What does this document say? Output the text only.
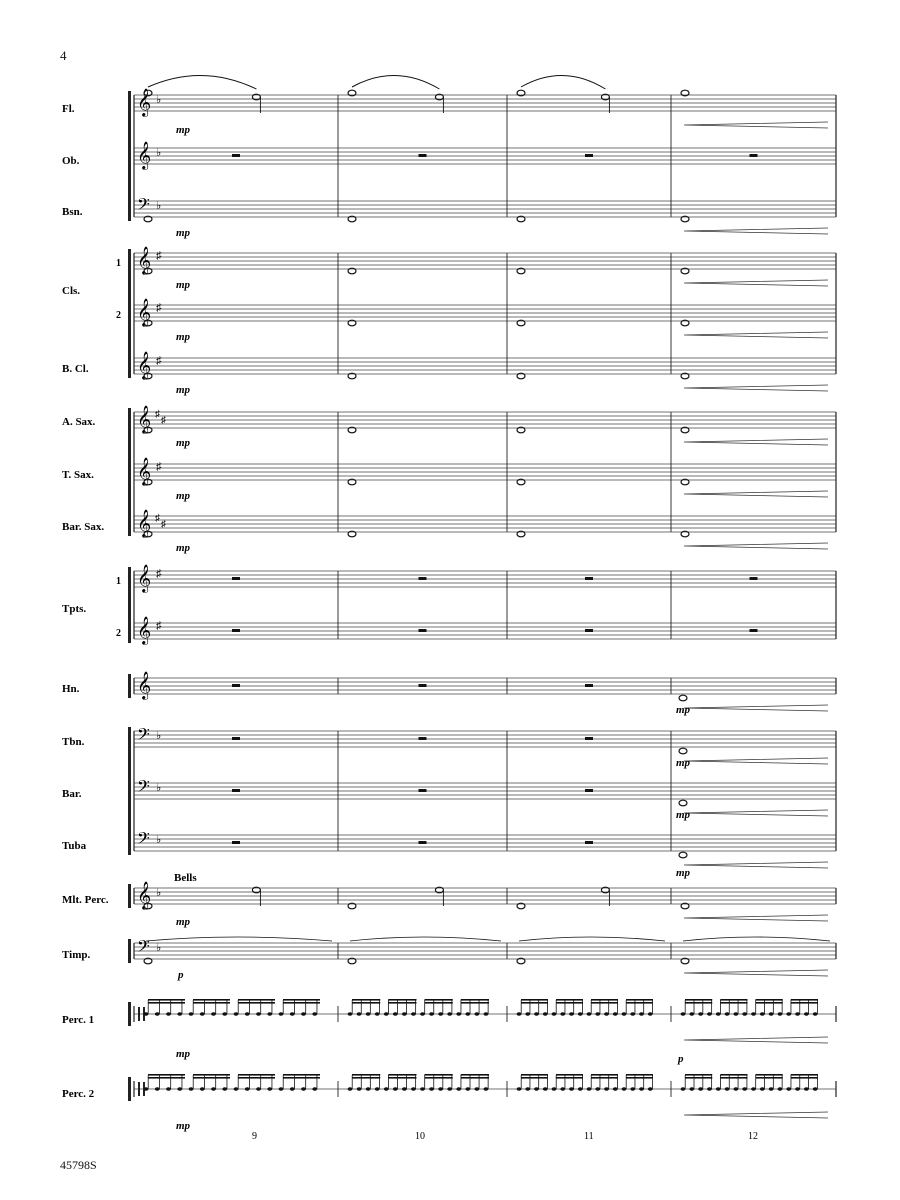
4
45798S
𝄞 ♭
𝄞 ♭
𝄢 ♭
𝄞 ♯
𝄞 ♯
𝄞 ♯
𝄞 ♯
♯
𝄞 ♯
𝄞 ♯
♯
𝄞 ♯
𝄞 ♯
𝄞
𝄢 ♭
𝄢 ♭
𝄢 ♭
𝄞 ♭
𝄢 ♭
Fl.
Ob.
Bsn.
Cls.
1
2
B. Cl.
A. Sax.
T. Sax.
Bar. Sax.
Tpts.
1
2
Hn.
Tbn.
Bar.
Tuba
Mlt. Perc.
Timp.
Perc. 1
Perc. 2
Bells
mp
mp
mp
mp
mp
mp
mp
mp
mp
mp
mp
mp
mp
p
mp	p
mp
9	10	11	12
